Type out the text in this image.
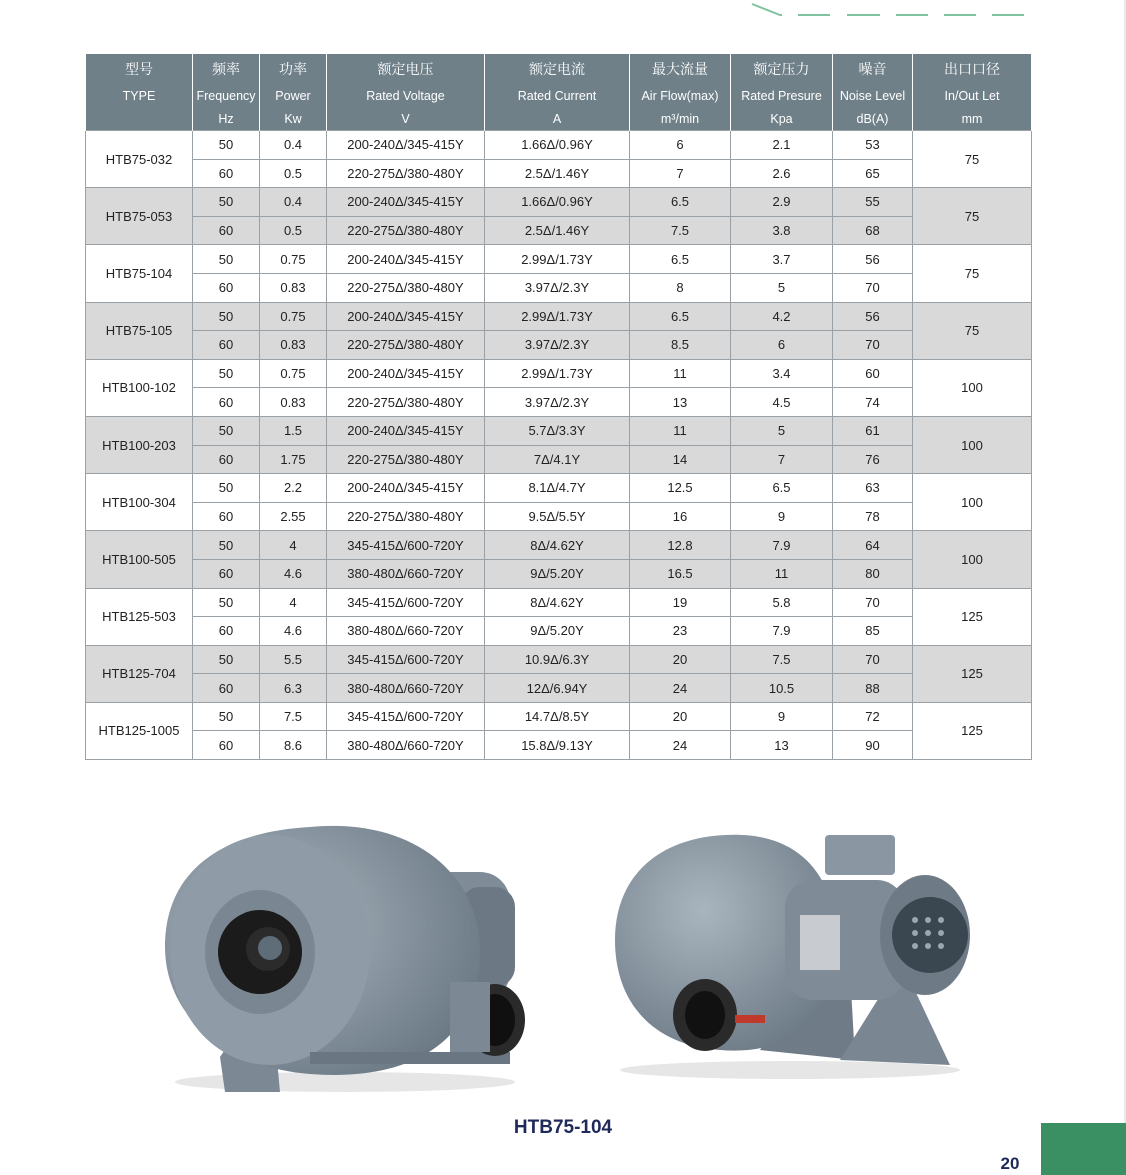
型号	频率	功率	额定电压	额定电流	最大流量	额定压力	噪音	出口口径
TYPE	Frequency	Power	Rated Voltage	Rated Current	Air Flow(max)	Rated Presure	Noise Level	In/Out Let
	Hz	Kw	V	A	m³/min	Kpa	dB(A)	mm
HTB75-032	50	0.4	200-240Δ/345-415Y	1.66Δ/0.96Y	6	2.1	53	75
	60	0.5	220-275Δ/380-480Y	2.5Δ/1.46Y	7	2.6	65	
HTB75-053	50	0.4	200-240Δ/345-415Y	1.66Δ/0.96Y	6.5	2.9	55	75
	60	0.5	220-275Δ/380-480Y	2.5Δ/1.46Y	7.5	3.8	68	
HTB75-104	50	0.75	200-240Δ/345-415Y	2.99Δ/1.73Y	6.5	3.7	56	75
	60	0.83	220-275Δ/380-480Y	3.97Δ/2.3Y	8	5	70	
HTB75-105	50	0.75	200-240Δ/345-415Y	2.99Δ/1.73Y	6.5	4.2	56	75
	60	0.83	220-275Δ/380-480Y	3.97Δ/2.3Y	8.5	6	70	
HTB100-102	50	0.75	200-240Δ/345-415Y	2.99Δ/1.73Y	11	3.4	60	100
	60	0.83	220-275Δ/380-480Y	3.97Δ/2.3Y	13	4.5	74	
HTB100-203	50	1.5	200-240Δ/345-415Y	5.7Δ/3.3Y	11	5	61	100
	60	1.75	220-275Δ/380-480Y	7Δ/4.1Y	14	7	76	
HTB100-304	50	2.2	200-240Δ/345-415Y	8.1Δ/4.7Y	12.5	6.5	63	100
	60	2.55	220-275Δ/380-480Y	9.5Δ/5.5Y	16	9	78	
HTB100-505	50	4	345-415Δ/600-720Y	8Δ/4.62Y	12.8	7.9	64	100
	60	4.6	380-480Δ/660-720Y	9Δ/5.20Y	16.5	11	80	
HTB125-503	50	4	345-415Δ/600-720Y	8Δ/4.62Y	19	5.8	70	125
	60	4.6	380-480Δ/660-720Y	9Δ/5.20Y	23	7.9	85	
HTB125-704	50	5.5	345-415Δ/600-720Y	10.9Δ/6.3Y	20	7.5	70	125
	60	6.3	380-480Δ/660-720Y	12Δ/6.94Y	24	10.5	88	
HTB125-1005	50	7.5	345-415Δ/600-720Y	14.7Δ/8.5Y	20	9	72	125
	60	8.6	380-480Δ/660-720Y	15.8Δ/9.13Y	24	13	90	
HTB75-104
20
